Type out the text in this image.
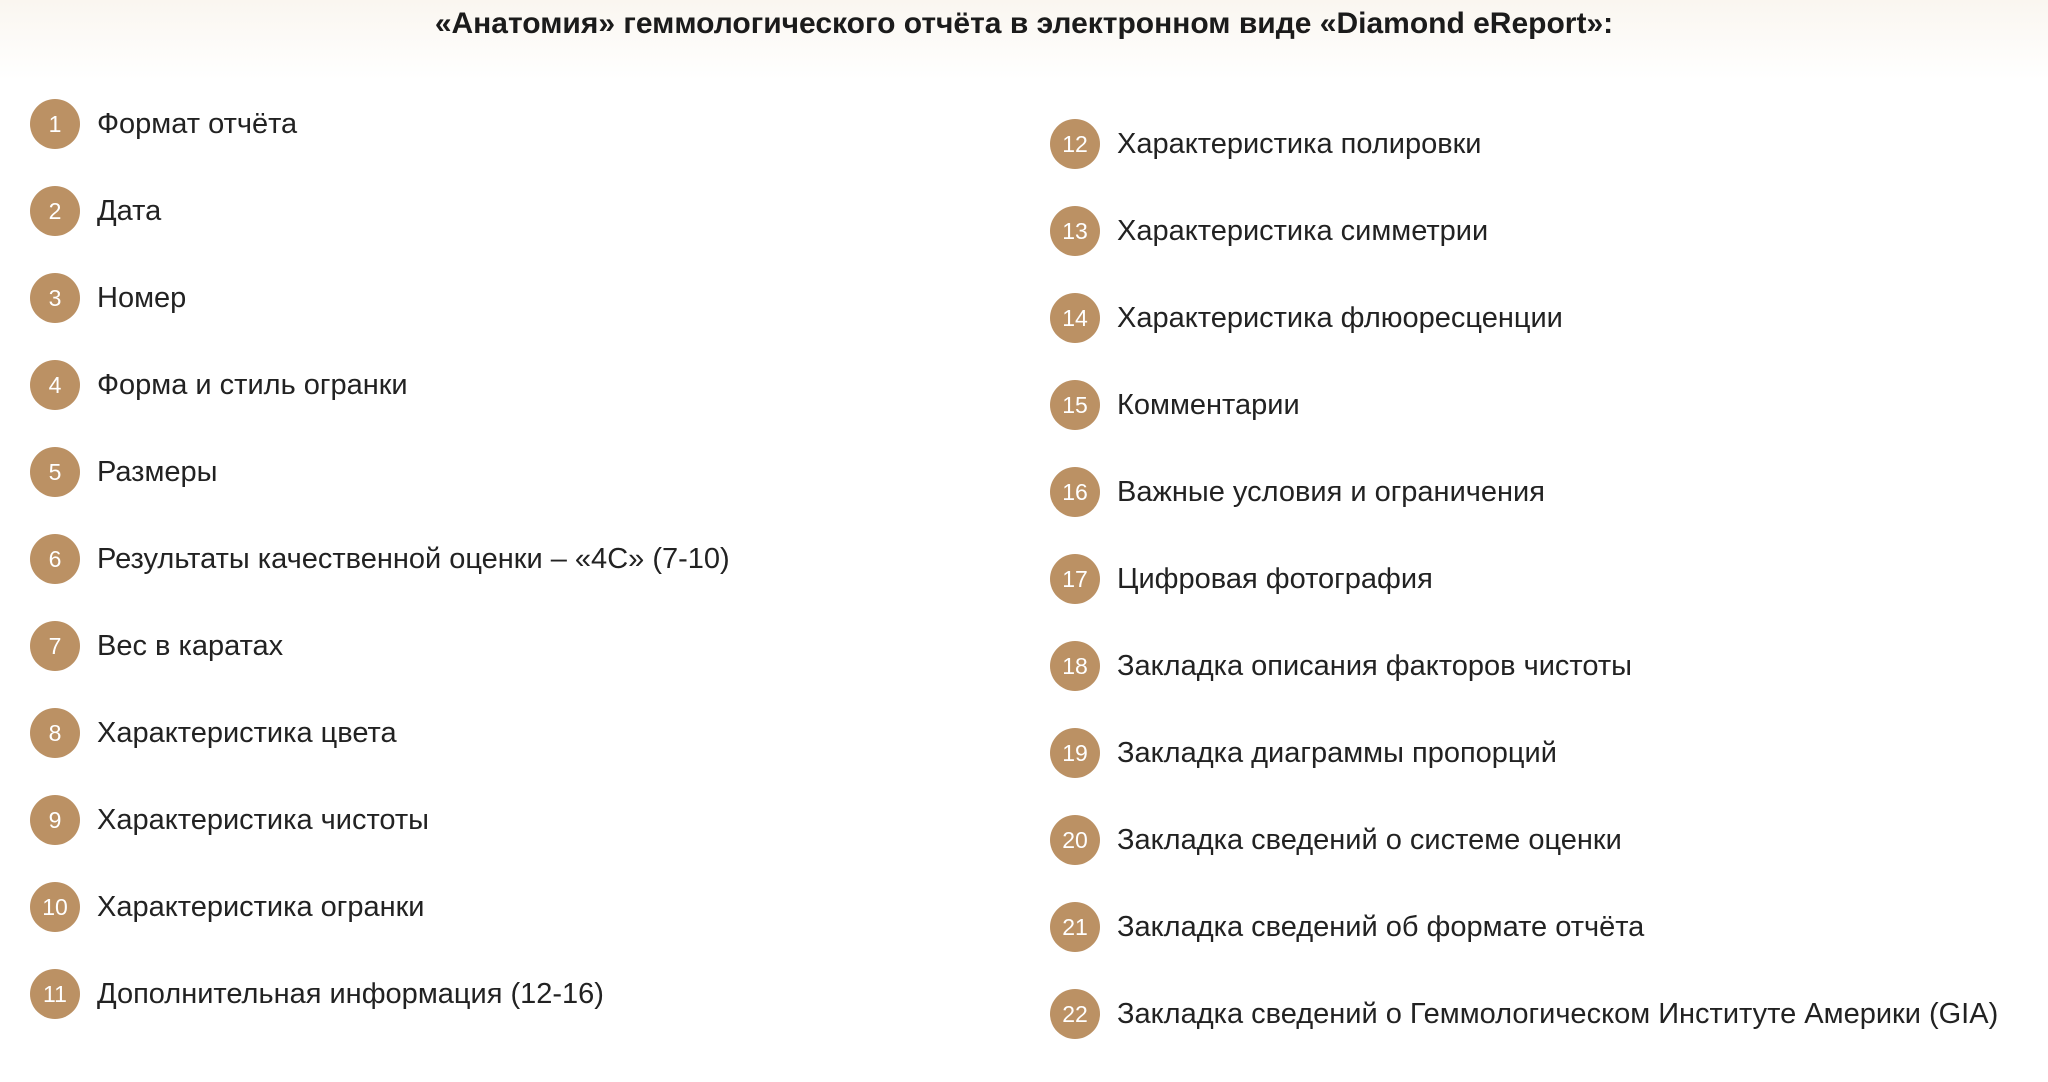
«Анатомия» геммологического отчёта в электронном виде «Diamond eReport»:
1	Формат отчёта
2	Дата
3	Номер
4	Форма и стиль огранки
5	Размеры
6	Результаты качественной оценки – «4С» (7-10)
7	Вес в каратах
8	Характеристика цвета
9	Характеристика чистоты
10	Характеристика огранки
11	Дополнительная информация (12-16)
12	Характеристика полировки
13	Характеристика симметрии
14	Характеристика флюоресценции
15	Комментарии
16	Важные условия и ограничения
17	Цифровая фотография
18	Закладка описания факторов чистоты
19	Закладка диаграммы пропорций
20	Закладка сведений о системе оценки
21	Закладка сведений об формате отчёта
22	Закладка сведений о Геммологическом Институте Америки (GIA)
